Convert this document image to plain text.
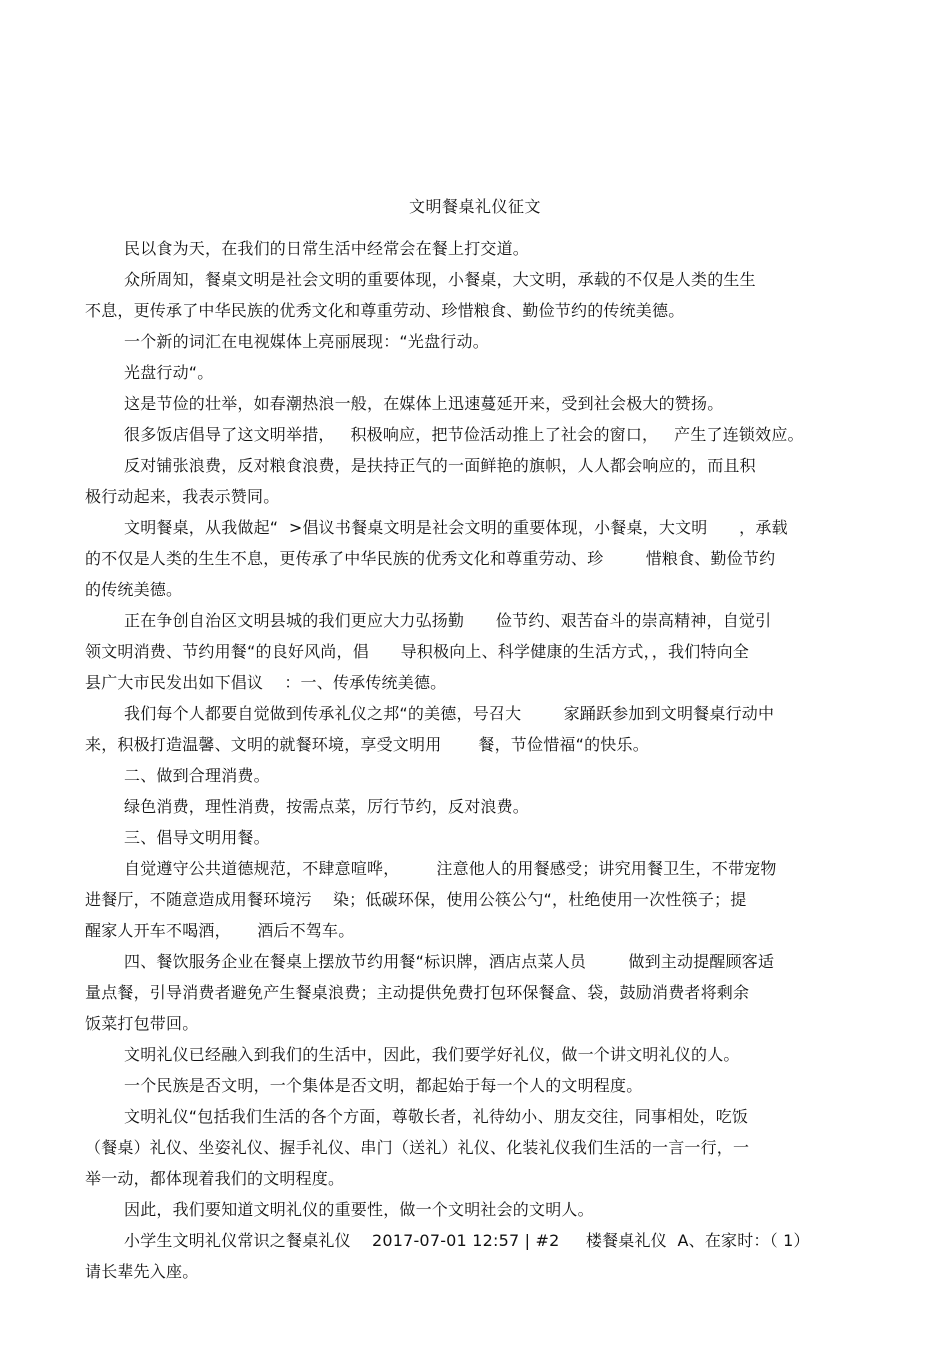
文明餐桌礼仪征文
民以食为天，在我们的日常生活中经常会在餐上打交道。
众所周知，餐桌文明是社会文明的重要体现，小餐桌，大文明，承载的不仅是人类的生生
不息，更传承了中华民族的优秀文化和尊重劳动、珍惜粮食、勤俭节约的传统美德。
一个新的词汇在电视媒体上亮丽展现：“光盘行动。
光盘行动“。
这是节俭的壮举，如春潮热浪一般，在媒体上迅速蔓延开来，受到社会极大的赞扬。
很多饭店倡导了这文明举措，   积极响应，把节俭活动推上了社会的窗口，   产生了连锁效应。
反对铺张浪费，反对粮食浪费，是扶持正气的一面鲜艳的旗帜，人人都会响应的，而且积
极行动起来，我表示赞同。
文明餐桌，从我做起“  >倡议书餐桌文明是社会文明的重要体现，小餐桌，大文明      ，承载
的不仅是人类的生生不息，更传承了中华民族的优秀文化和尊重劳动、珍        惜粮食、勤俭节约
的传统美德。
正在争创自治区文明县城的我们更应大力弘扬勤      俭节约、艰苦奋斗的崇高精神，自觉引
领文明消费、节约用餐“的良好风尚，倡      导积极向上、科学健康的生活方式，，我们特向全
县广大市民发出如下倡议    ：一、传承传统美德。
我们每个人都要自觉做到传承礼仪之邦“的美德，号召大        家踊跃参加到文明餐桌行动中
来，积极打造温馨、文明的就餐环境，享受文明用       餐，节俭惜福“的快乐。
二、做到合理消费。
绿色消费，理性消费，按需点菜，厉行节约，反对浪费。
三、倡导文明用餐。
自觉遵守公共道德规范，不肆意喧哗，       注意他人的用餐感受；讲究用餐卫生，不带宠物
进餐厅，不随意造成用餐环境污    染；低碳环保，使用公筷公勺“，杜绝使用一次性筷子；提
醒家人开车不喝酒，     酒后不驾车。
四、餐饮服务企业在餐桌上摆放节约用餐“标识牌，酒店点菜人员        做到主动提醒顾客适
量点餐，引导消费者避免产生餐桌浪费；主动提供免费打包环保餐盒、袋，鼓励消费者将剩余
饭菜打包带回。
文明礼仪已经融入到我们的生活中，因此，我们要学好礼仪，做一个讲文明礼仪的人。
一个民族是否文明，一个集体是否文明，都起始于每一个人的文明程度。
文明礼仪“包括我们生活的各个方面，尊敬长者，礼待幼小、朋友交往，同事相处，吃饭
（餐桌）礼仪、坐姿礼仪、握手礼仪、串门（送礼）礼仪、化装礼仪我们生活的一言一行，一
举一动，都体现着我们的文明程度。
因此，我们要知道文明礼仪的重要性，做一个文明社会的文明人。
小学生文明礼仪常识之餐桌礼仪    2017-07-01 12:57 | #2     楼餐桌礼仪  A、在家时：（ 1）
请长辈先入座。
